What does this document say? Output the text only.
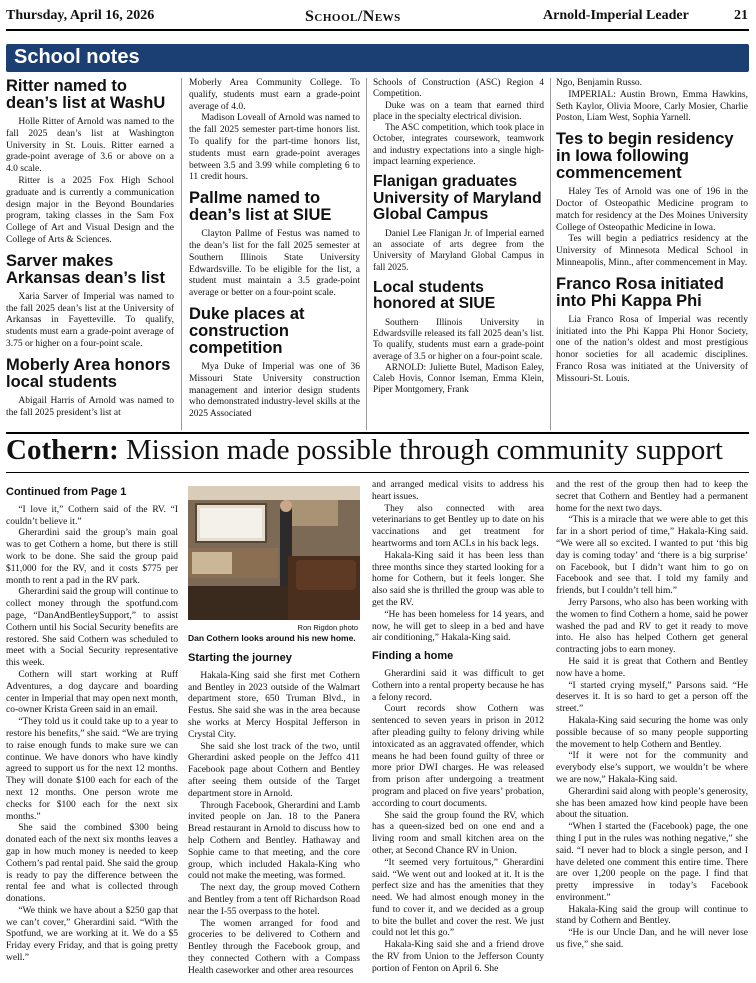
Thursday, April 16, 2026	School/News	Arnold-Imperial Leader	21
School notes
Ritter named to dean’s list at WashU

Holle Ritter of Arnold was named to the fall 2025 dean’s list at Washington University in St. Louis. Ritter earned a grade-point average of 3.6 or above on a 4.0 scale.

Ritter is a 2025 Fox High School graduate and is currently a communication design major in the Beyond Boundaries program, taking classes in the Sam Fox College of Art and Visual Design and the College of Arts & Sciences.

Sarver makes Arkansas dean’s list

Xaria Sarver of Imperial was named to the fall 2025 dean’s list at the University of Arkansas in Fayetteville. To qualify, students must earn a grade-point average of 3.75 or higher on a four-point scale.

Moberly Area honors local students

Abigail Harris of Arnold was named to the fall 2025 president’s list at

Moberly Area Community College. To qualify, students must earn a grade-point average of 4.0.

Madison Loveall of Arnold was named to the fall 2025 semester part-time honors list. To qualify for the part-time honors list, students must earn grade-point averages between 3.5 and 3.99 while completing 6 to 11 credit hours.

Pallme named to dean’s list at SIUE

Clayton Pallme of Festus was named to the dean’s list for the fall 2025 semester at Southern Illinois State University Edwardsville. To be eligible for the list, a student must maintain a 3.5 grade-point average or better on a four-point scale.

Duke places at construction competition

Mya Duke of Imperial was one of 36 Missouri State University construction management and interior design students who demonstrated industry-level skills at the 2025 Associated

Schools of Construction (ASC) Region 4 Competition.

Duke was on a team that earned third place in the specialty electrical division.

The ASC competition, which took place in October, integrates coursework, teamwork and industry expectations into a single high-impact learning experience.

Flanigan graduates University of Maryland Global Campus

Daniel Lee Flanigan Jr. of Imperial earned an associate of arts degree from the University of Maryland Global Campus in fall 2025.

Local students honored at SIUE

Southern Illinois University in Edwardsville released its fall 2025 dean’s list. To qualify, students must earn a grade-point average of 3.5 or higher on a four-point scale.

ARNOLD: Juliette Butel, Madison Ealey, Caleb Hovis, Connor Iseman, Emma Klein, Piper Montgomery, Frank

Ngo, Benjamin Russo.

IMPERIAL: Austin Brown, Emma Hawkins, Seth Kaylor, Olivia Moore, Carly Mosier, Charlie Poston, Liam West, Sophia Yarnell.

Tes to begin residency in Iowa following commencement

Haley Tes of Arnold was one of 196 in the Doctor of Osteopathic Medicine program to match for residency at the Des Moines University College of Osteopathic Medicine in Iowa.

Tes will begin a pediatrics residency at the University of Minnesota Medical School in Minneapolis, Minn., after commencement in May.

Franco Rosa initiated into Phi Kappa Phi

Lia Franco Rosa of Imperial was recently initiated into the Phi Kappa Phi Honor Society, one of the nation’s oldest and most prestigious honor societies for all academic disciplines. Franco Rosa was initiated at the University of Missouri-St. Louis.

Cothern: Mission made possible through community support
Ron Rigdon photo
Dan Cothern looks around his new home.
Continued from Page 1

“I love it,” Cothern said of the RV. “I couldn’t believe it.”

Gherardini said the group’s main goal was to get Cothern a home, but there is still work to be done. She said the group paid $11,000 for the RV, and it costs $775 per month to rent a pad in the RV park.

Gherardini said the group will continue to collect money through the spotfund.com page, “DanAndBentleySupport,” to assist Cothern until his Social Security benefits are restored. She said Cothern was scheduled to meet with a Social Security representative this week.

Cothern will start working at Ruff Adventures, a dog daycare and boarding center in Imperial that may open next month, co-owner Krista Green said in an email.

“They told us it could take up to a year to restore his benefits,” she said. “We are trying to raise enough funds to make sure we can continue. We have donors who have kindly agreed to support us for the next 12 months. They will donate $100 each for each of the next 12 months. One person wrote me checks for $100 each for the next six months.”

She said the combined $300 being donated each of the next six months leaves a gap in how much money is needed to keep Cothern’s pad rental paid. She said the group is ready to pay the difference between the rental fee and what is collected through donations.

“We think we have about a $250 gap that we can’t cover,” Gherardini said. “With the Spotfund, we are working at it. We do a $5 Friday every Friday, and that is going pretty well.”

Starting the journey

Hakala-King said she first met Cothern and Bentley in 2023 outside of the Walmart department store, 650 Truman Blvd., in Festus. She said she was in the area because she works at Mercy Hospital Jefferson in Crystal City.

She said she lost track of the two, until Gherardini asked people on the Jeffco 411 Facebook page about Cothern and Bentley after seeing them outside of the Target department store in Arnold.

Through Facebook, Gherardini and Lamb invited people on Jan. 18 to the Panera Bread restaurant in Arnold to discuss how to help Cothern and Bentley. Hathaway and Sophie came to that meeting, and the core group, which included Hakala-King who could not make the meeting, was formed.

The next day, the group moved Cothern and Bentley from a tent off Richardson Road near the I-55 overpass to the hotel.

The women arranged for food and groceries to be delivered to Cothern and Bentley through the Facebook group, and they connected Cothern with a Compass Health caseworker and other area resources

and arranged medical visits to address his heart issues.

They also connected with area veterinarians to get Bentley up to date on his vaccinations and get treatment for heartworms and torn ACLs in his back legs.

Hakala-King said it has been less than three months since they started looking for a home for Cothern, but it feels longer. She also said she is thrilled the group was able to get the RV.

“He has been homeless for 14 years, and now, he will get to sleep in a bed and have air conditioning,” Hakala-King said.

Finding a home

Gherardini said it was difficult to get Cothern into a rental property because he has a felony record.

Court records show Cothern was sentenced to seven years in prison in 2012 after pleading guilty to felony driving while intoxicated as an aggravated offender, which means he had been found guilty of three or more prior DWI charges. He was released from prison after undergoing a treatment program and placed on five years’ probation, according to court documents.

She said the group found the RV, which has a queen-sized bed on one end and a living room and small kitchen area on the other, at Second Chance RV in Union.

“It seemed very fortuitous,” Gherardini said. “We went out and looked at it. It is the perfect size and has the amenities that they need. We had almost enough money in the fund to cover it, and we decided as a group to bite the bullet and cover the rest. We just could not let this go.”

Hakala-King said she and a friend drove the RV from Union to the Jefferson County portion of Fenton on April 6. She

and the rest of the group then had to keep the secret that Cothern and Bentley had a permanent home for the next two days.

“This is a miracle that we were able to get this far in a short period of time,” Hakala-King said. “We were all so excited. I wanted to put ‘this big day is coming today’ and ‘there is a big surprise’ on Facebook, but I didn’t want him to go on Facebook and see that. I told my family and friends, but I couldn’t tell him.”

Jerry Parsons, who also has been working with the women to find Cothern a home, said he power washed the pad and RV to get it ready to move into. He also has helped Cothern get general contracting jobs to earn money.

He said it is great that Cothern and Bentley now have a home.

“I started crying myself,” Parsons said. “He deserves it. It is so hard to get a person off the street.”

Hakala-King said securing the home was only possible because of so many people supporting the movement to help Cothern and Bentley.

“If it were not for the community and everybody else’s support, we wouldn’t be where we are now,” Hakala-King said.

Gherardini said along with people’s generosity, she has been amazed how kind people have been about the situation.

“When I started the (Facebook) page, the one thing I put in the rules was nothing negative,” she said. “I never had to block a single person, and I have deleted one comment this entire time. There are over 1,200 people on the page. I find that pretty impressive in today’s Facebook environment.”

Hakala-King said the group will continue to stand by Cothern and Bentley.

“He is our Uncle Dan, and he will never lose us five,” she said.
